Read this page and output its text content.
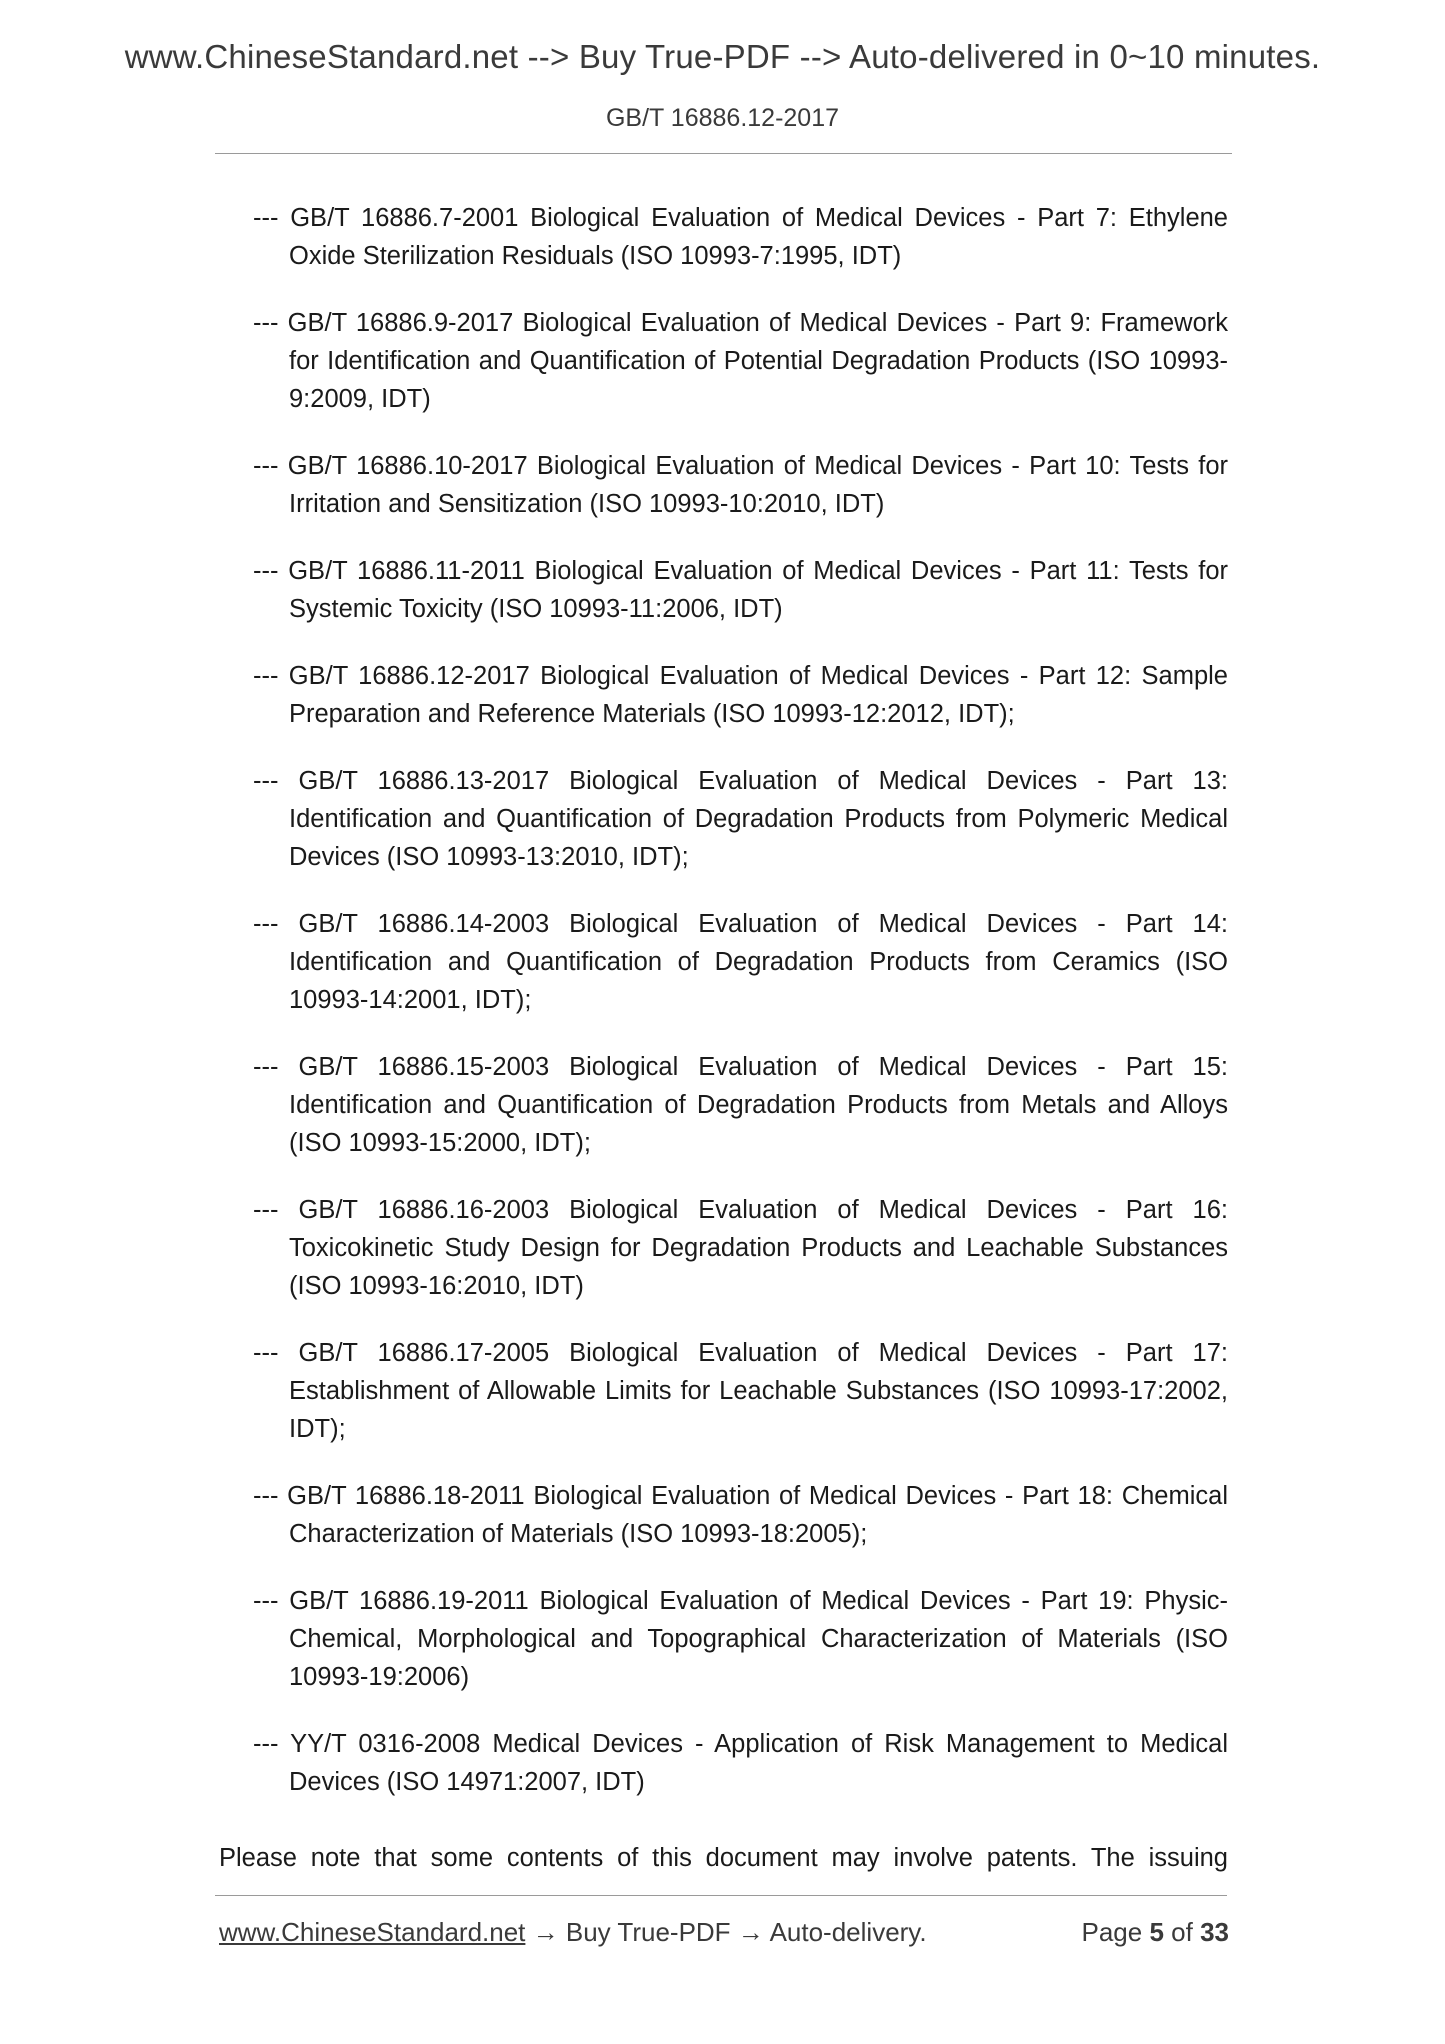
www.ChineseStandard.net --> Buy True-PDF --> Auto-delivered in 0~10 minutes.
GB/T 16886.12-2017
--- GB/T 16886.7-2001 Biological Evaluation of Medical Devices - Part 7: Ethylene Oxide Sterilization Residuals (ISO 10993-7:1995, IDT)
--- GB/T 16886.9-2017 Biological Evaluation of Medical Devices - Part 9: Framework for Identification and Quantification of Potential Degradation Products (ISO 10993-9:2009, IDT)
--- GB/T 16886.10-2017 Biological Evaluation of Medical Devices - Part 10: Tests for Irritation and Sensitization (ISO 10993-10:2010, IDT)
--- GB/T 16886.11-2011 Biological Evaluation of Medical Devices - Part 11: Tests for Systemic Toxicity (ISO 10993-11:2006, IDT)
--- GB/T 16886.12-2017 Biological Evaluation of Medical Devices - Part 12: Sample Preparation and Reference Materials (ISO 10993-12:2012, IDT);
--- GB/T 16886.13-2017 Biological Evaluation of Medical Devices - Part 13: Identification and Quantification of Degradation Products from Polymeric Medical Devices (ISO 10993-13:2010, IDT);
--- GB/T 16886.14-2003 Biological Evaluation of Medical Devices - Part 14: Identification and Quantification of Degradation Products from Ceramics (ISO 10993-14:2001, IDT);
--- GB/T 16886.15-2003 Biological Evaluation of Medical Devices - Part 15: Identification and Quantification of Degradation Products from Metals and Alloys (ISO 10993-15:2000, IDT);
--- GB/T 16886.16-2003 Biological Evaluation of Medical Devices - Part 16: Toxicokinetic Study Design for Degradation Products and Leachable Substances (ISO 10993-16:2010, IDT)
--- GB/T 16886.17-2005 Biological Evaluation of Medical Devices - Part 17: Establishment of Allowable Limits for Leachable Substances (ISO 10993-17:2002, IDT);
--- GB/T 16886.18-2011 Biological Evaluation of Medical Devices - Part 18: Chemical Characterization of Materials (ISO 10993-18:2005);
--- GB/T 16886.19-2011 Biological Evaluation of Medical Devices - Part 19: Physic-Chemical, Morphological and Topographical Characterization of Materials (ISO 10993-19:2006)
--- YY/T 0316-2008 Medical Devices - Application of Risk Management to Medical Devices (ISO 14971:2007, IDT)
Please note that some contents of this document may involve patents. The issuing
www.ChineseStandard.net → Buy True-PDF → Auto-delivery.	Page 5 of 33
